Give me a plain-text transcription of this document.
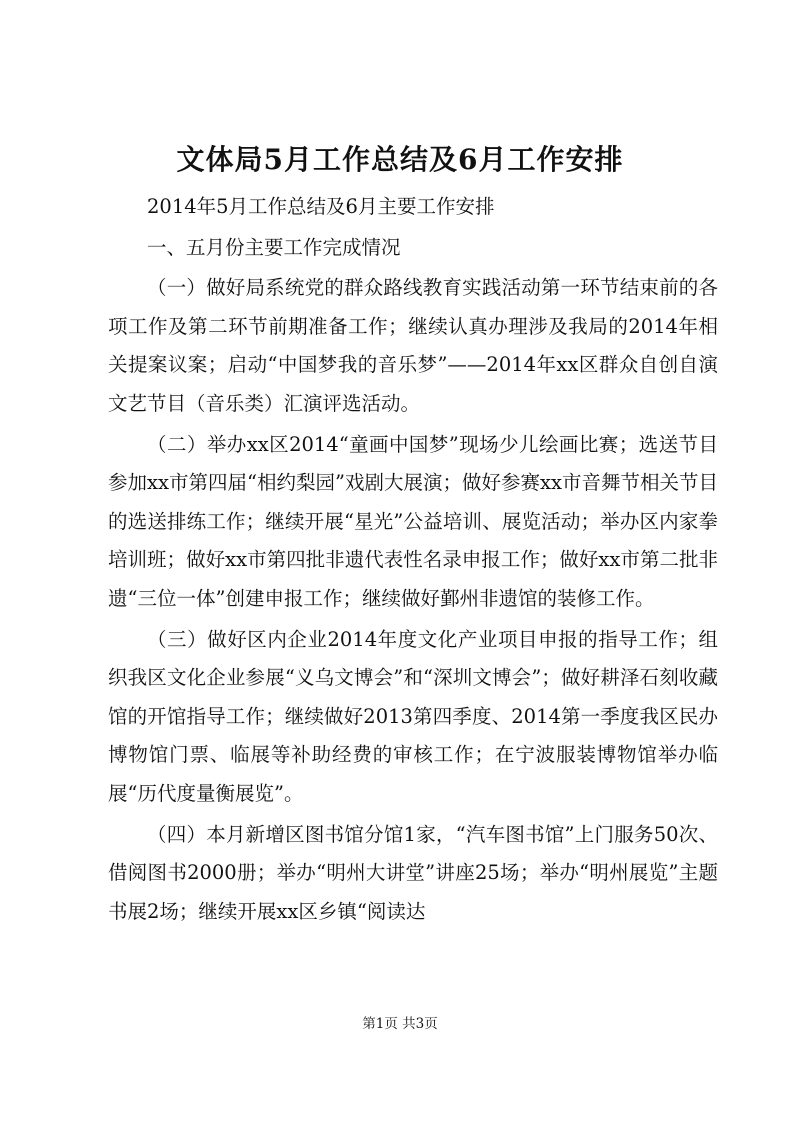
文体局5月工作总结及6月工作安排

2014年5月工作总结及6月主要工作安排

一、五月份主要工作完成情况

（一）做好局系统党的群众路线教育实践活动第一环节结束前的各项工作及第二环节前期准备工作；继续认真办理涉及我局的2014年相关提案议案；启动“中国梦我的音乐梦”——2014年xx区群众自创自演文艺节目（音乐类）汇演评选活动。

（二）举办xx区2014“童画中国梦”现场少儿绘画比赛；选送节目参加xx市第四届“相约梨园”戏剧大展演；做好参赛xx市音舞节相关节目的选送排练工作；继续开展“星光”公益培训、展览活动；举办区内家拳培训班；做好xx市第四批非遗代表性名录申报工作；做好xx市第二批非遗“三位一体”创建申报工作；继续做好鄞州非遗馆的装修工作。

（三）做好区内企业2014年度文化产业项目申报的指导工作；组织我区文化企业参展“义乌文博会”和“深圳文博会”；做好耕泽石刻收藏馆的开馆指导工作；继续做好2013第四季度、2014第一季度我区民办博物馆门票、临展等补助经费的审核工作；在宁波服装博物馆举办临展“历代度量衡展览”。

（四）本月新增区图书馆分馆1家，“汽车图书馆”上门服务50次、借阅图书2000册；举办“明州大讲堂”讲座25场；举办“明州展览”主题书展2场；继续开展xx区乡镇“阅读达

第1页 共3页
